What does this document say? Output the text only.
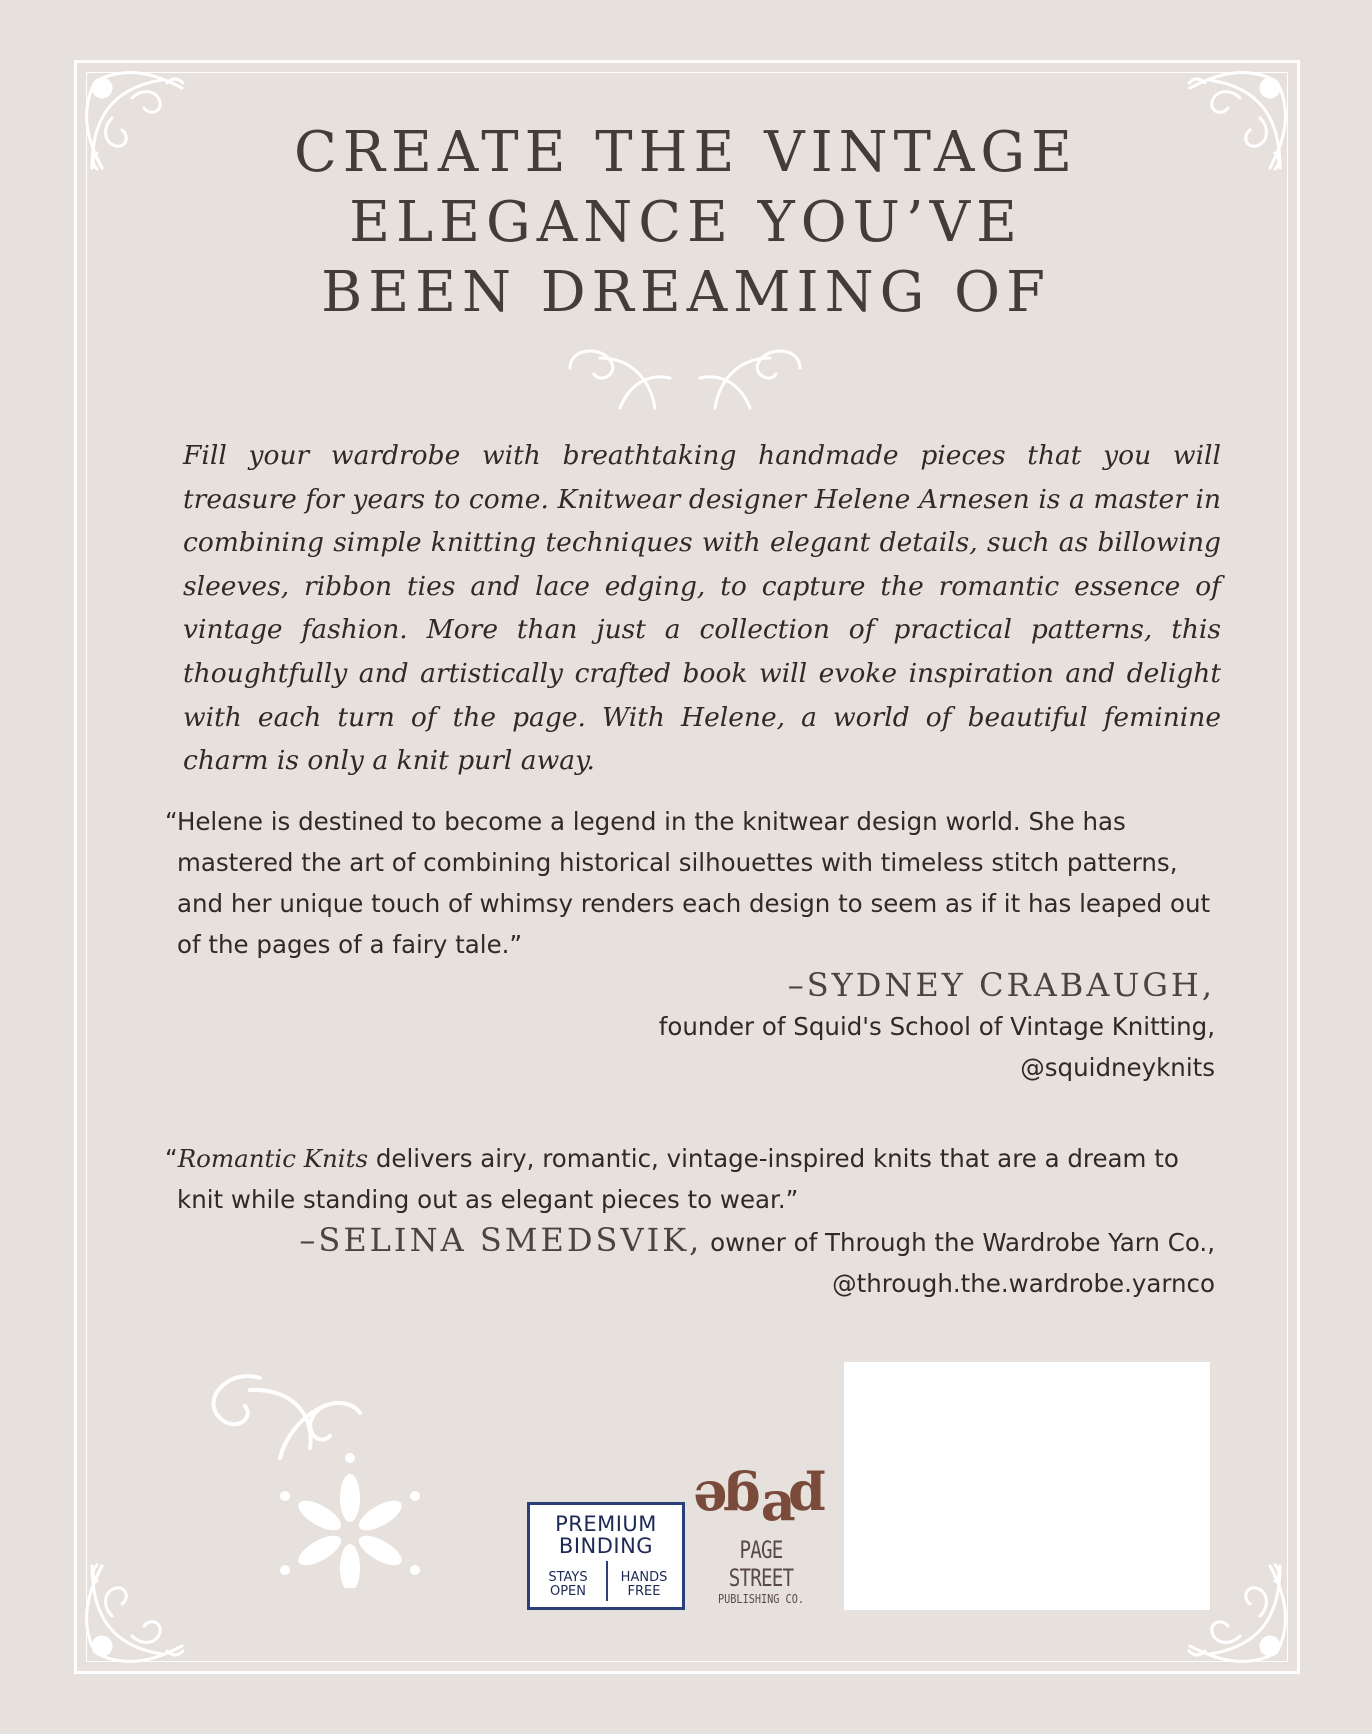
CREATE THE VINTAGE
ELEGANCE YOU’VE
BEEN DREAMING OF

Fill your wardrobe with breathtaking handmade pieces that you will treasure for years to come. Knitwear designer Helene Arnesen is a master in combining simple knitting techniques with elegant details, such as billowing sleeves, ribbon ties and lace edging, to capture the romantic essence of vintage fashion. More than just a collection of practical patterns, this thoughtfully and artistically crafted book will evoke inspiration and delight with each turn of the page. With Helene, a world of beautiful feminine charm is only a knit purl away.

“Helene is destined to become a legend in the knitwear design world. She has mastered the art of combining historical silhouettes with timeless stitch patterns, and her unique touch of whimsy renders each design to seem as if it has leaped out of the pages of a fairy tale.”
–SYDNEY CRABAUGH,
founder of Squid's School of Vintage Knitting,
@squidneyknits
“Romantic Knits delivers airy, romantic, vintage-inspired knits that are a dream to knit while standing out as elegant pieces to wear.”
–SELINA SMEDSVIK, owner of Through the Wardrobe Yarn Co.,
@through.the.wardrobe.yarnco
PREMIUM
BINDING
STAYS
OPEN
HANDS
FREE
e g a p
PAGE STREET
PUBLISHING CO.
